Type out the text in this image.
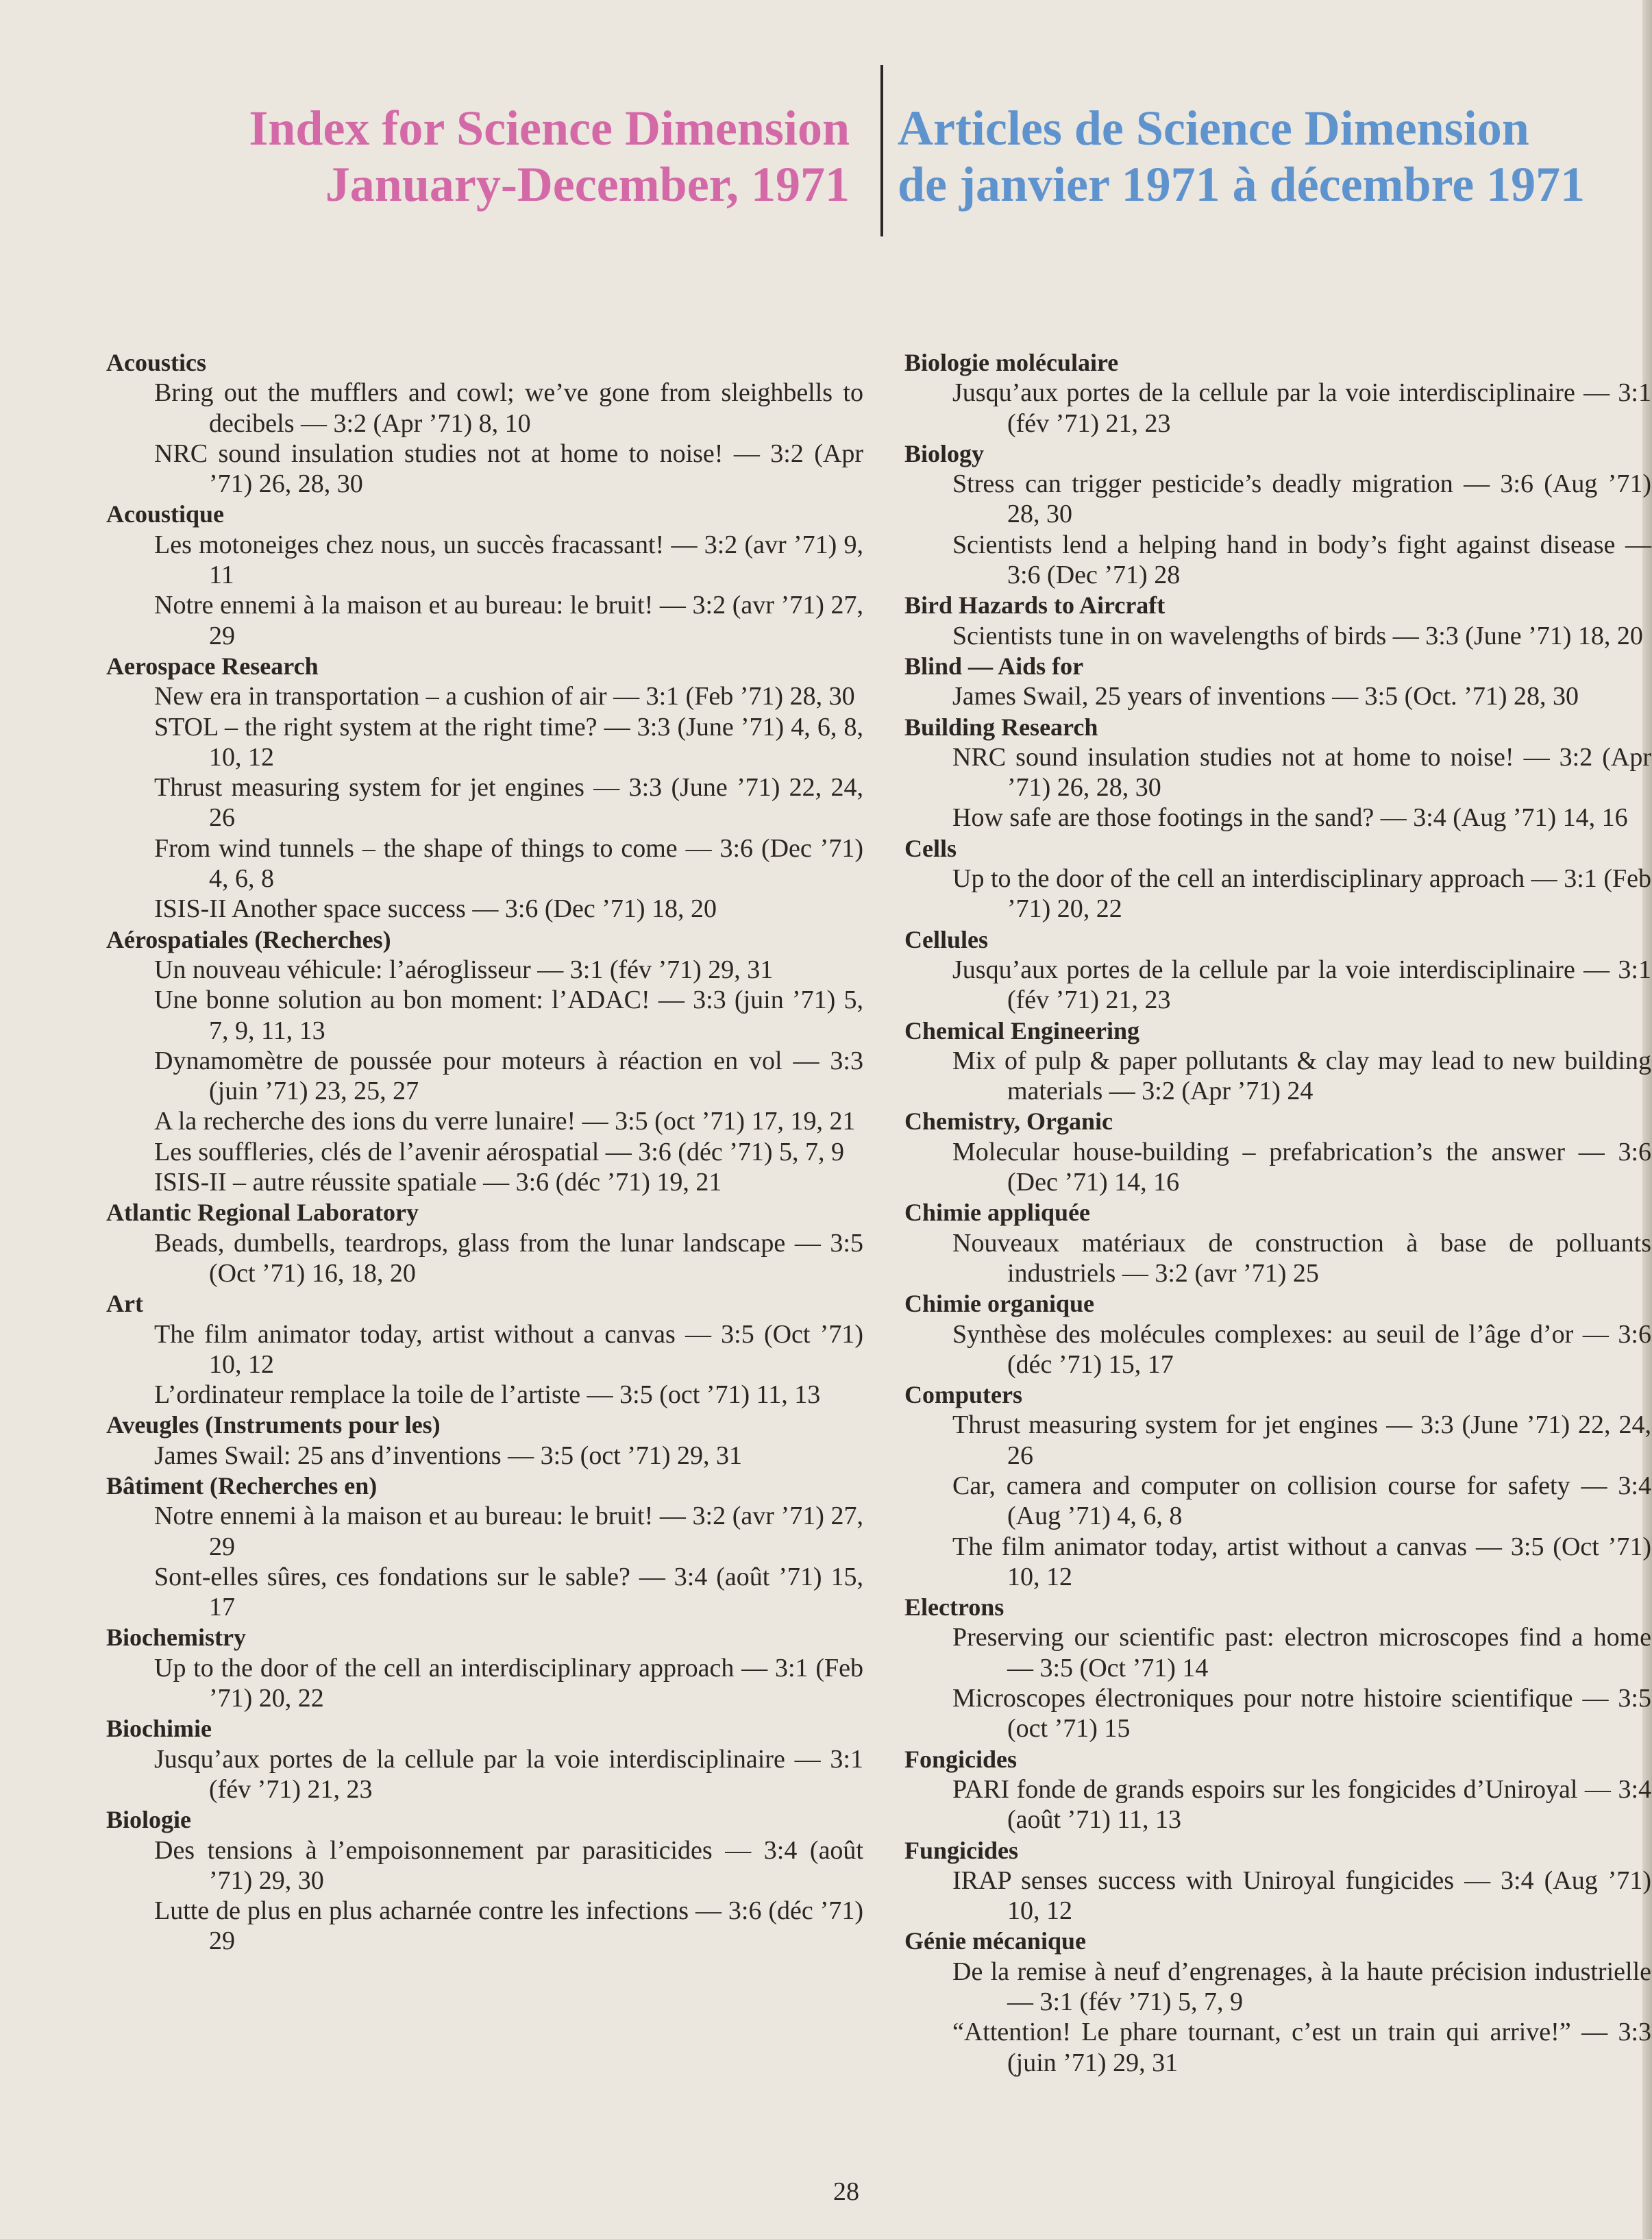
Index for Science Dimension
January-December, 1971
Articles de Science Dimension
de janvier 1971 à décembre 1971
Acoustics
Bring out the mufflers and cowl; we’ve gone from sleighbells to decibels — 3:2 (Apr ’71) 8, 10
NRC sound insulation studies not at home to noise! — 3:2 (Apr ’71) 26, 28, 30
Acoustique
Les motoneiges chez nous, un succès fracassant! — 3:2 (avr ’71) 9, 11
Notre ennemi à la maison et au bureau: le bruit! — 3:2 (avr ’71) 27, 29
Aerospace Research
New era in transportation – a cushion of air — 3:1 (Feb ’71) 28, 30
STOL – the right system at the right time? — 3:3 (June ’71) 4, 6, 8, 10, 12
Thrust measuring system for jet engines — 3:3 (June ’71) 22, 24, 26
From wind tunnels – the shape of things to come — 3:6 (Dec ’71) 4, 6, 8
ISIS-II Another space success — 3:6 (Dec ’71) 18, 20
Aérospatiales (Recherches)
Un nouveau véhicule: l’aéroglisseur — 3:1 (fév ’71) 29, 31
Une bonne solution au bon moment: l’ADAC! — 3:3 (juin ’71) 5, 7, 9, 11, 13
Dynamomètre de poussée pour moteurs à réaction en vol — 3:3 (juin ’71) 23, 25, 27
A la recherche des ions du verre lunaire! — 3:5 (oct ’71) 17, 19, 21
Les souffleries, clés de l’avenir aérospatial — 3:6 (déc ’71) 5, 7, 9
ISIS-II – autre réussite spatiale — 3:6 (déc ’71) 19, 21
Atlantic Regional Laboratory
Beads, dumbells, teardrops, glass from the lunar landscape — 3:5 (Oct ’71) 16, 18, 20
Art
The film animator today, artist without a canvas — 3:5 (Oct ’71) 10, 12
L’ordinateur remplace la toile de l’artiste — 3:5 (oct ’71) 11, 13
Aveugles (Instruments pour les)
James Swail: 25 ans d’inventions — 3:5 (oct ’71) 29, 31
Bâtiment (Recherches en)
Notre ennemi à la maison et au bureau: le bruit! — 3:2 (avr ’71) 27, 29
Sont-elles sûres, ces fondations sur le sable? — 3:4 (août ’71) 15, 17
Biochemistry
Up to the door of the cell an interdisciplinary approach — 3:1 (Feb ’71) 20, 22
Biochimie
Jusqu’aux portes de la cellule par la voie interdisciplinaire — 3:1 (fév ’71) 21, 23
Biologie
Des tensions à l’empoisonnement par parasiticides — 3:4 (août ’71) 29, 30
Lutte de plus en plus acharnée contre les infections — 3:6 (déc ’71) 29
Biologie moléculaire
Jusqu’aux portes de la cellule par la voie interdisciplinaire — 3:1 (fév ’71) 21, 23
Biology
Stress can trigger pesticide’s deadly migration — 3:6 (Aug ’71) 28, 30
Scientists lend a helping hand in body’s fight against disease — 3:6 (Dec ’71) 28
Bird Hazards to Aircraft
Scientists tune in on wavelengths of birds — 3:3 (June ’71) 18, 20
Blind — Aids for
James Swail, 25 years of inventions — 3:5 (Oct. ’71) 28, 30
Building Research
NRC sound insulation studies not at home to noise! — 3:2 (Apr ’71) 26, 28, 30
How safe are those footings in the sand? — 3:4 (Aug ’71) 14, 16
Cells
Up to the door of the cell an interdisciplinary approach — 3:1 (Feb ’71) 20, 22
Cellules
Jusqu’aux portes de la cellule par la voie interdisciplinaire — 3:1 (fév ’71) 21, 23
Chemical Engineering
Mix of pulp & paper pollutants & clay may lead to new building materials — 3:2 (Apr ’71) 24
Chemistry, Organic
Molecular house-building – prefabrication’s the answer — 3:6 (Dec ’71) 14, 16
Chimie appliquée
Nouveaux matériaux de construction à base de polluants industriels — 3:2 (avr ’71) 25
Chimie organique
Synthèse des molécules complexes: au seuil de l’âge d’or — 3:6 (déc ’71) 15, 17
Computers
Thrust measuring system for jet engines — 3:3 (June ’71) 22, 24, 26
Car, camera and computer on collision course for safety — 3:4 (Aug ’71) 4, 6, 8
The film animator today, artist without a canvas — 3:5 (Oct ’71) 10, 12
Electrons
Preserving our scientific past: electron microscopes find a home — 3:5 (Oct ’71) 14
Microscopes électroniques pour notre histoire scientifique — 3:5 (oct ’71) 15
Fongicides
PARI fonde de grands espoirs sur les fongicides d’Uniroyal — 3:4 (août ’71) 11, 13
Fungicides
IRAP senses success with Uniroyal fungicides — 3:4 (Aug ’71) 10, 12
Génie mécanique
De la remise à neuf d’engrenages, à la haute précision industrielle — 3:1 (fév ’71) 5, 7, 9
“Attention! Le phare tournant, c’est un train qui arrive!” — 3:3 (juin ’71) 29, 31
28
